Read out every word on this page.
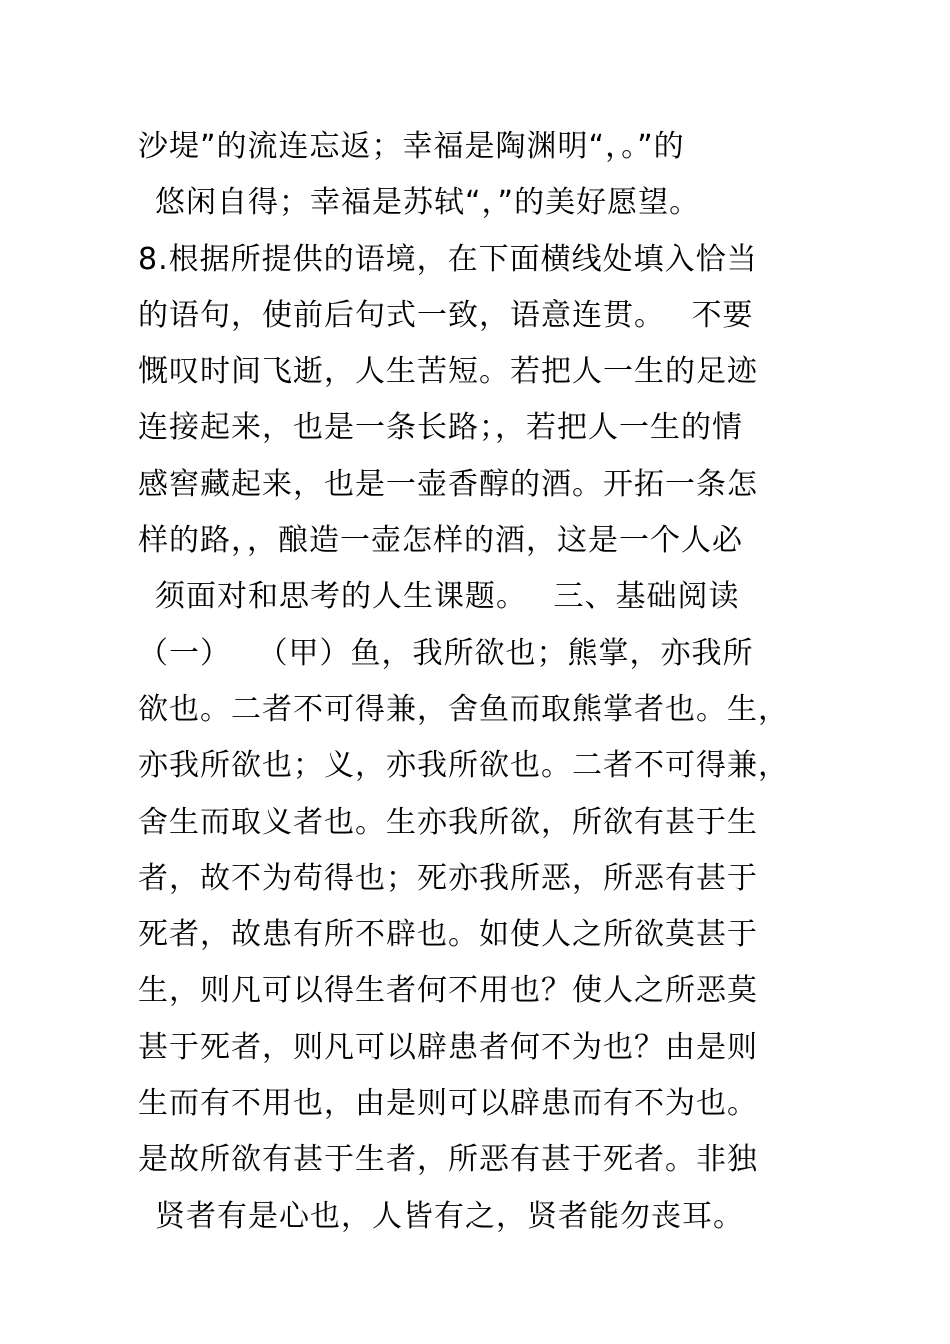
沙堤”的流连忘返；幸福是陶渊明“，。”的
悠闲自得；幸福是苏轼“，”的美好愿望。
8.根据所提供的语境，在下面横线处填入恰当
的语句，使前后句式一致，语意连贯。　 不要
慨叹时间飞逝，人生苦短。若把人一生的足迹
连接起来，也是一条长路；，若把人一生的情
感窖藏起来，也是一壶香醇的酒。开拓一条怎
样的路，，酿造一壶怎样的酒，这是一个人必
须面对和思考的人生课题。　 三、基础阅读
（一）　 （甲）鱼，我所欲也；熊掌，亦我所
欲也。二者不可得兼，舍鱼而取熊掌者也。生，
亦我所欲也；义，亦我所欲也。二者不可得兼，
舍生而取义者也。生亦我所欲，所欲有甚于生
者，故不为苟得也；死亦我所恶，所恶有甚于
死者，故患有所不辟也。如使人之所欲莫甚于
生，则凡可以得生者何不用也？使人之所恶莫
甚于死者，则凡可以辟患者何不为也？由是则
生而有不用也，由是则可以辟患而有不为也。
是故所欲有甚于生者，所恶有甚于死者。非独
贤者有是心也，人皆有之，贤者能勿丧耳。
